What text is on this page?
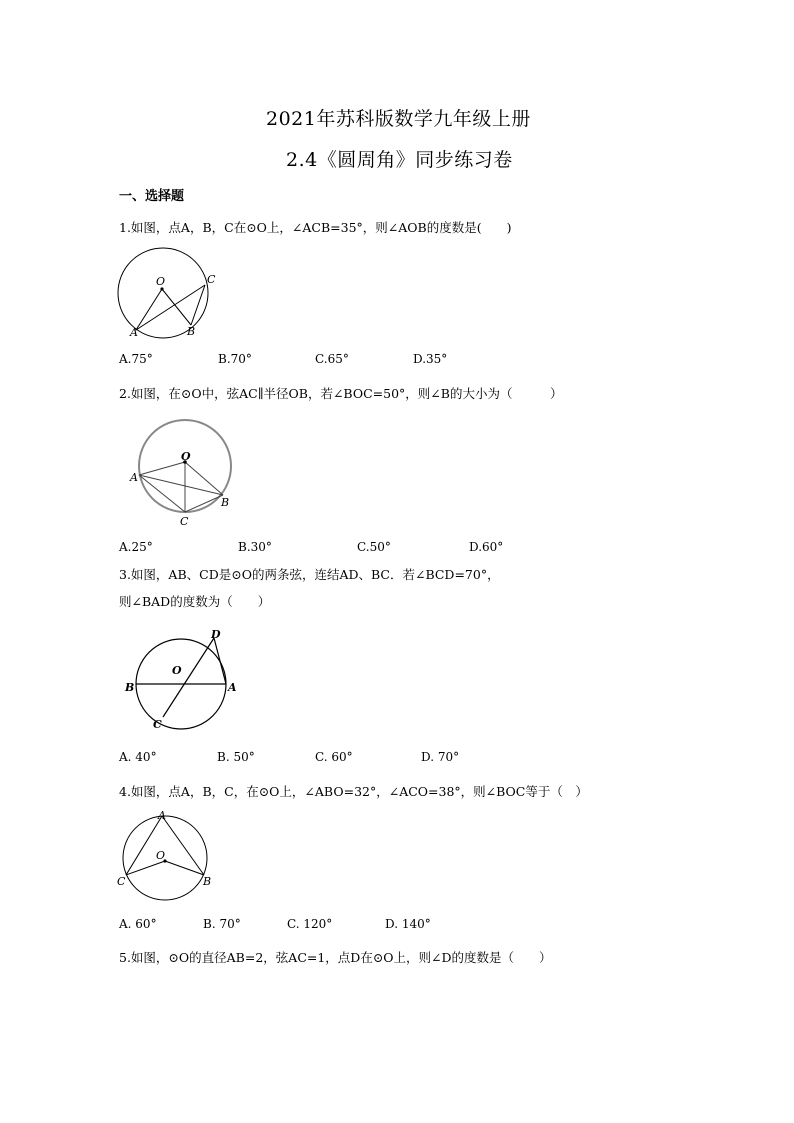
2021年苏科版数学九年级上册
2.4《圆周角》同步练习卷
一、选择题
1.如图，点A，B，C在⊙O上，∠ACB=35°，则∠AOB的度数是(　　)
O	C
A	B
A.75°	B.70°	C.65°	D.35°
2.如图，在⊙O中，弦AC∥半径OB，若∠BOC=50°，则∠B的大小为（　　　）
O
A
B
C
A.25°	B.30°	C.50°	D.60°
3.如图，AB、CD是⊙O的两条弦，连结AD、BC．若∠BCD=70°，
则∠BAD的度数为（　　）
D
O
B	A
C
A. 40°	B. 50°	C. 60°	D. 70°
4.如图，点A，B，C，在⊙O上，∠ABO=32°，∠ACO=38°，则∠BOC等于（　）
A
O
C	B
A. 60°	B. 70°	C. 120°	D. 140°
5.如图，⊙O的直径AB=2，弦AC=1，点D在⊙O上，则∠D的度数是（　　）
